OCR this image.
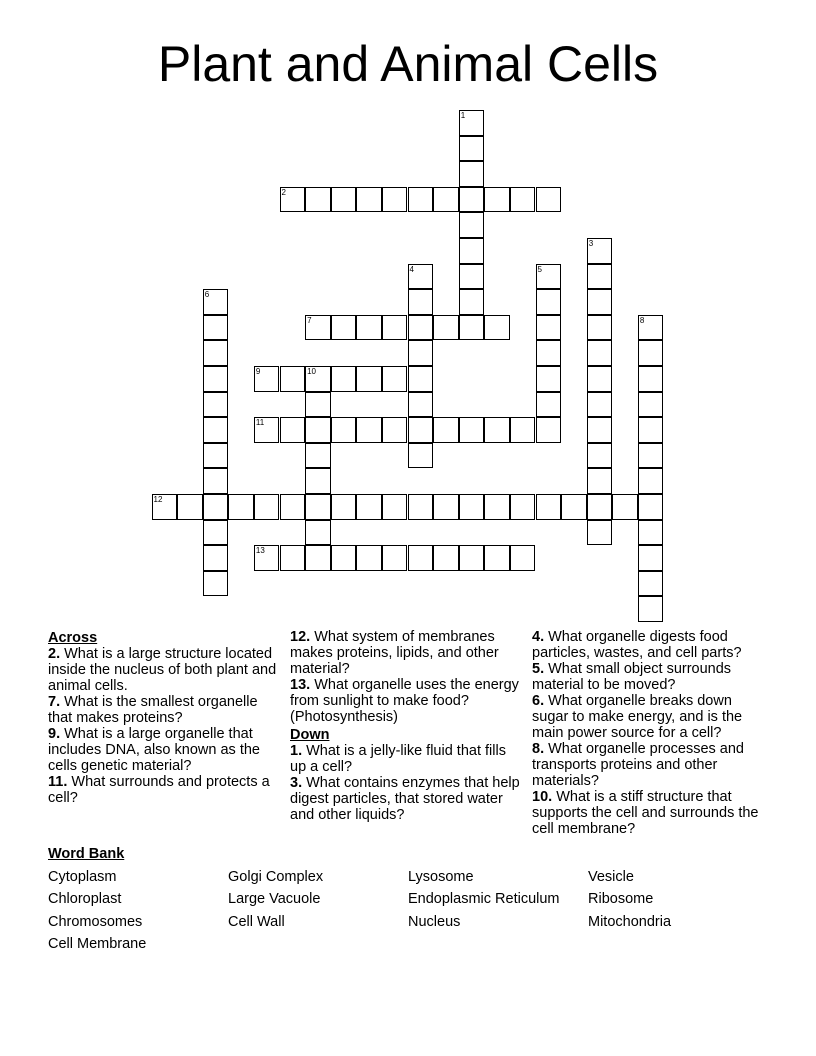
Plant and Animal Cells
1
2
3
4	5
6
7	8
9	10
11
12
13
Across
2. What is a large structure located inside the nucleus of both plant and animal cells.
7. What is the smallest organelle that makes proteins?
9. What is a large organelle that includes DNA, also known as the cells genetic material?
11. What surrounds and protects a cell?
12. What system of membranes makes proteins, lipids, and other material?
13. What organelle uses the energy from sunlight to make food? (Photosynthesis)
Down
1. What is a jelly-like fluid that fills up a cell?
3. What contains enzymes that help digest particles, that stored water and other liquids?
4. What organelle digests food particles, wastes, and cell parts?
5. What small object surrounds material to be moved?
6. What organelle breaks down sugar to make energy, and is the main power source for a cell?
8. What organelle processes and transports proteins and other materials?
10. What is a stiff structure that supports the cell and surrounds the cell membrane?
Word Bank
Cytoplasm
Chloroplast
Chromosomes
Cell Membrane
Golgi Complex
Large Vacuole
Cell Wall
Lysosome
Endoplasmic Reticulum
Nucleus
Vesicle
Ribosome
Mitochondria
